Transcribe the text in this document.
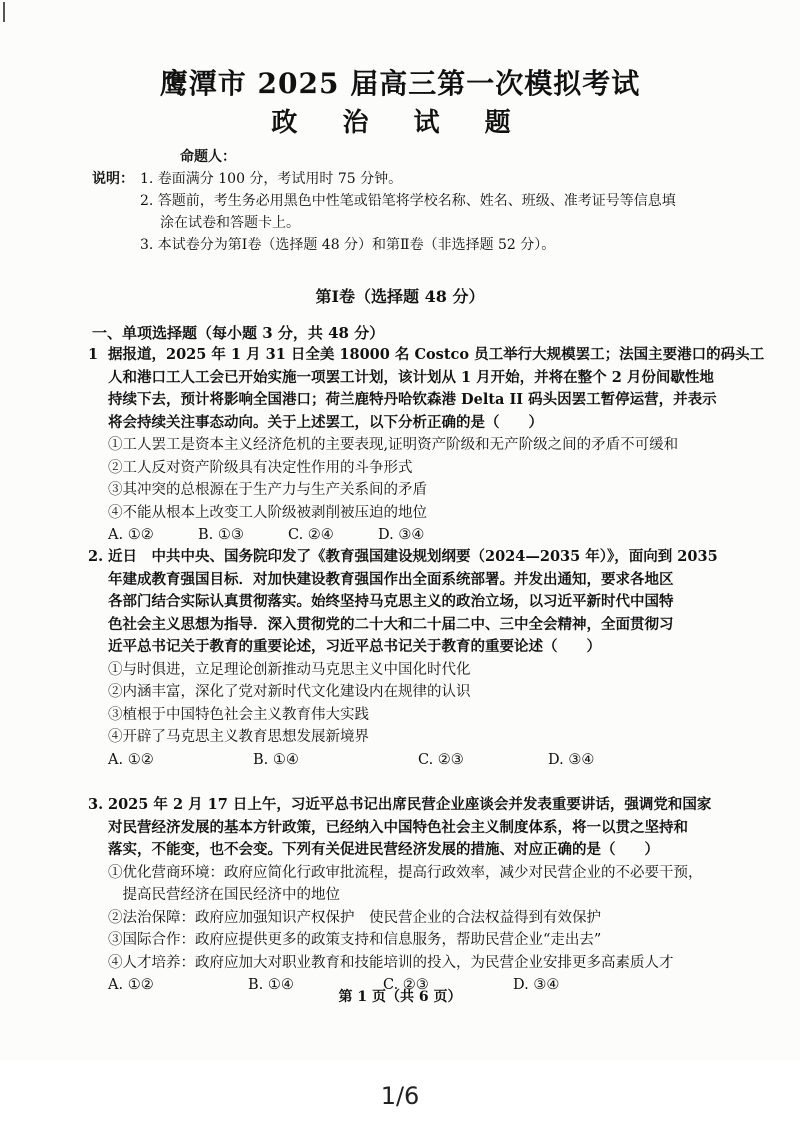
鹰潭市 2025 届高三第一次模拟考试
政 治 试 题
命题人：
说明： 1. 卷面满分 100 分，考试用时 75 分钟。
2. 答题前，考生务必用黑色中性笔或铅笔将学校名称、姓名、班级、准考证号等信息填
涂在试卷和答题卡上。
3. 本试卷分为第Ⅰ卷（选择题 48 分）和第Ⅱ卷（非选择题 52 分）。
第Ⅰ卷（选择题 48 分）
一、单项选择题（每小题 3 分，共 48 分）
1 据报道，2025 年 1 月 31 日全美 18000 名 Costco 员工举行大规模罢工；法国主要港口的码头工
人和港口工人工会已开始实施一项罢工计划，该计划从 1 月开始，并将在整个 2 月份间歇性地
持续下去，预计将影响全国港口；荷兰鹿特丹哈钦森港 Delta II 码头因罢工暂停运营，并表示
将会持续关注事态动向。关于上述罢工，以下分析正确的是（　　）
①工人罢工是资本主义经济危机的主要表现,证明资产阶级和无产阶级之间的矛盾不可缓和
②工人反对资产阶级具有决定性作用的斗争形式
③其冲突的总根源在于生产力与生产关系间的矛盾
④不能从根本上改变工人阶级被剥削被压迫的地位
A. ①②	B. ①③	C. ②④	D. ③④
2. 近日　中共中央、国务院印发了《教育强国建设规划纲要（2024—2035 年）》，面向到 2035
年建成教育强国目标．对加快建设教育强国作出全面系统部署。并发出通知，要求各地区
各部门结合实际认真贯彻落实。始终坚持马克思主义的政治立场，以习近平新时代中国特
色社会主义思想为指导．深入贯彻党的二十大和二十届二中、三中全会精神，全面贯彻习
近平总书记关于教育的重要论述，习近平总书记关于教育的重要论述（　　）
①与时俱进，立足理论创新推动马克思主义中国化时代化
②内涵丰富，深化了党对新时代文化建设内在规律的认识
③植根于中国特色社会主义教育伟大实践
④开辟了马克思主义教育思想发展新境界
A. ①②	B. ①④	C. ②③	D. ③④
3. 2025 年 2 月 17 日上午，习近平总书记出席民营企业座谈会并发表重要讲话，强调党和国家
对民营经济发展的基本方针政策，已经纳入中国特色社会主义制度体系，将一以贯之坚持和
落实，不能变，也不会变。下列有关促进民营经济发展的措施、对应正确的是（　　）
①优化营商环境：政府应简化行政审批流程，提高行政效率，减少对民营企业的不必要干预，
　提高民营经济在国民经济中的地位
②法治保障：政府应加强知识产权保护　使民营企业的合法权益得到有效保护
③国际合作：政府应提供更多的政策支持和信息服务，帮助民营企业“走出去”
④人才培养：政府应加大对职业教育和技能培训的投入，为民营企业安排更多高素质人才
A. ①②	B. ①④	C. ②③	D. ③④
第 1 页（共 6 页）
1/6
